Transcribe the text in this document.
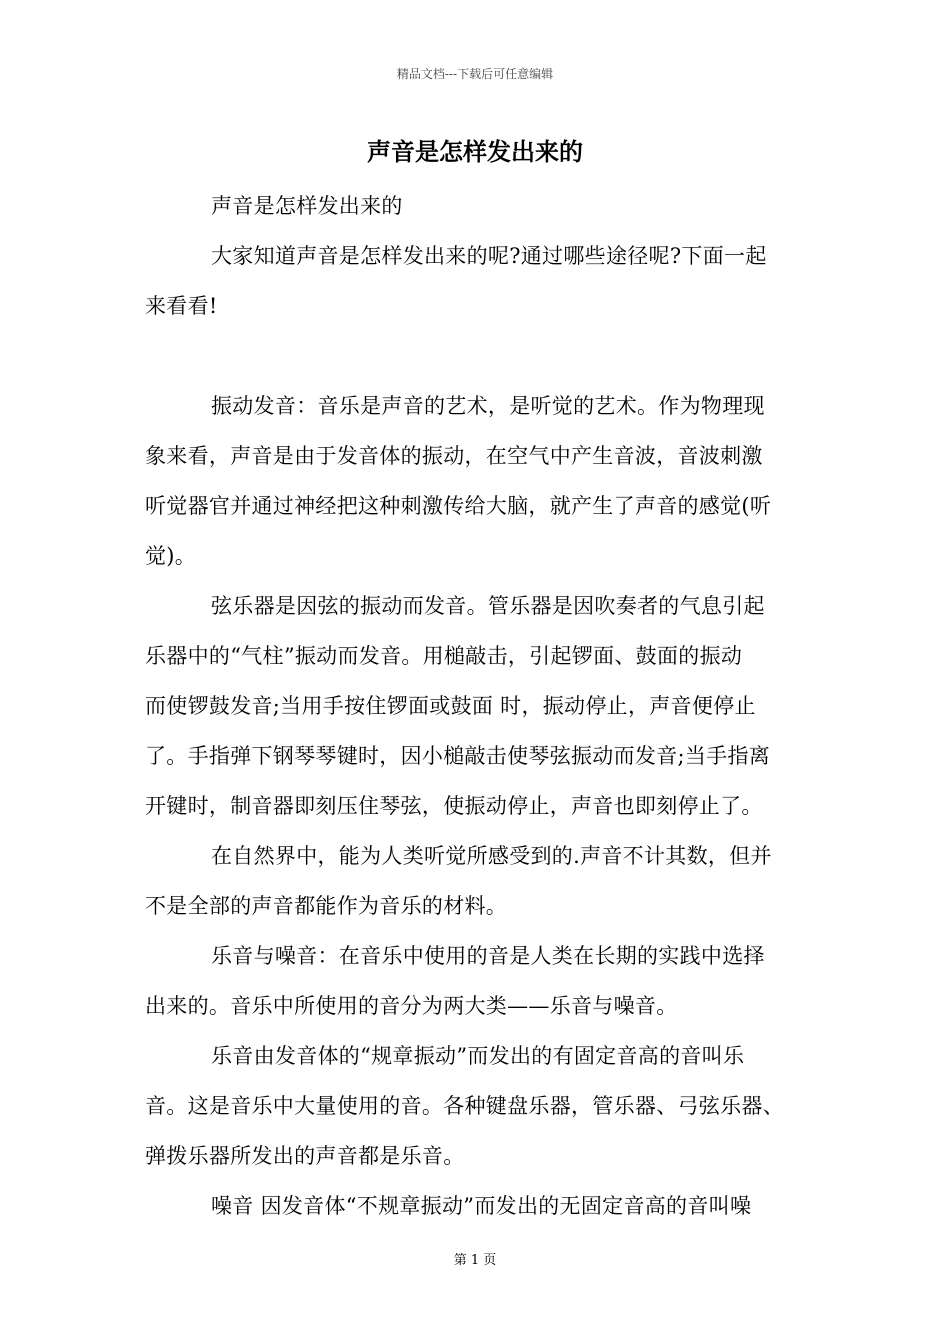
精品文档---下载后可任意编辑
声音是怎样发出来的
声音是怎样发出来的
大家知道声音是怎样发出来的呢?通过哪些途径呢?下面一起
来看看!
振动发音：音乐是声音的艺术，是听觉的艺术。作为物理现
象来看，声音是由于发音体的振动，在空气中产生音波，音波刺激
听觉器官并通过神经把这种刺激传给大脑，就产生了声音的感觉(听
觉)。
弦乐器是因弦的振动而发音。管乐器是因吹奏者的气息引起
乐器中的“气柱”振动而发音。用槌敲击，引起锣面、鼓面的振动
而使锣鼓发音;当用手按住锣面或鼓面 时，振动停止，声音便停止
了。手指弹下钢琴琴键时，因小槌敲击使琴弦振动而发音;当手指离
开键时，制音器即刻压住琴弦，使振动停止，声音也即刻停止了。
在自然界中，能为人类听觉所感受到的.声音不计其数，但并
不是全部的声音都能作为音乐的材料。
乐音与噪音：在音乐中使用的音是人类在长期的实践中选择
出来的。音乐中所使用的音分为两大类——乐音与噪音。
乐音由发音体的“规章振动”而发出的有固定音高的音叫乐
音。这是音乐中大量使用的音。各种键盘乐器，管乐器、弓弦乐器、
弹拨乐器所发出的声音都是乐音。
噪音 因发音体“不规章振动”而发出的无固定音高的音叫噪
第 1 页
